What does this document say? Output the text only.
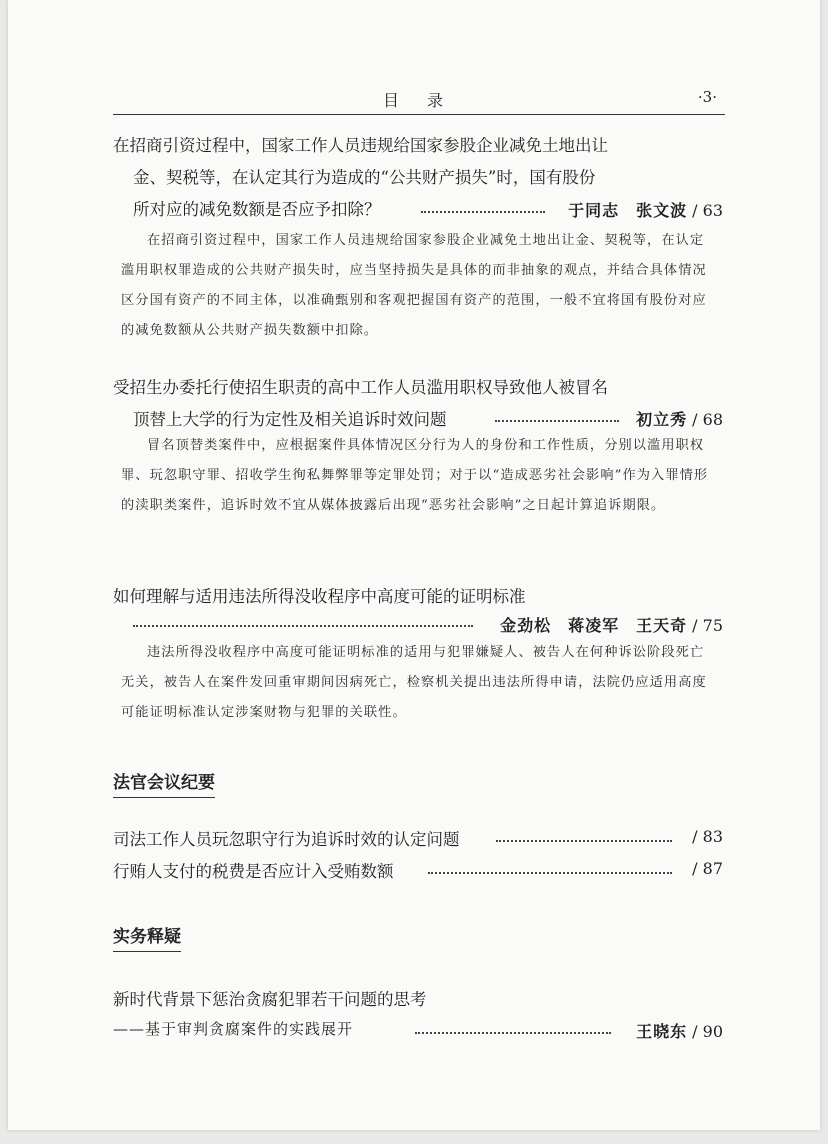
目录	·3·
在招商引资过程中，国家工作人员违规给国家参股企业减免土地出让
金、契税等，在认定其行为造成的“公共财产损失”时，国有股份
所对应的减免数额是否应予扣除？	于同志　张文波 / 63
在招商引资过程中，国家工作人员违规给国家参股企业减免土地出让金、契税等，在认定滥用职权罪造成的公共财产损失时，应当坚持损失是具体的而非抽象的观点，并结合具体情况区分国有资产的不同主体，以准确甄别和客观把握国有资产的范围，一般不宜将国有股份对应的减免数额从公共财产损失数额中扣除。
受招生办委托行使招生职责的高中工作人员滥用职权导致他人被冒名
顶替上大学的行为定性及相关追诉时效问题	初立秀 / 68
冒名顶替类案件中，应根据案件具体情况区分行为人的身份和工作性质，分别以滥用职权罪、玩忽职守罪、招收学生徇私舞弊罪等定罪处罚；对于以“造成恶劣社会影响”作为入罪情形的渎职类案件，追诉时效不宜从媒体披露后出现“恶劣社会影响”之日起计算追诉期限。
如何理解与适用违法所得没收程序中高度可能的证明标准
金劲松　蒋凌军　王天奇 / 75
违法所得没收程序中高度可能证明标准的适用与犯罪嫌疑人、被告人在何种诉讼阶段死亡无关，被告人在案件发回重审期间因病死亡，检察机关提出违法所得申请，法院仍应适用高度可能证明标准认定涉案财物与犯罪的关联性。
法官会议纪要
司法工作人员玩忽职守行为追诉时效的认定问题	/ 83
行贿人支付的税费是否应计入受贿数额	/ 87
实务释疑
新时代背景下惩治贪腐犯罪若干问题的思考
——基于审判贪腐案件的实践展开	王晓东 / 90
